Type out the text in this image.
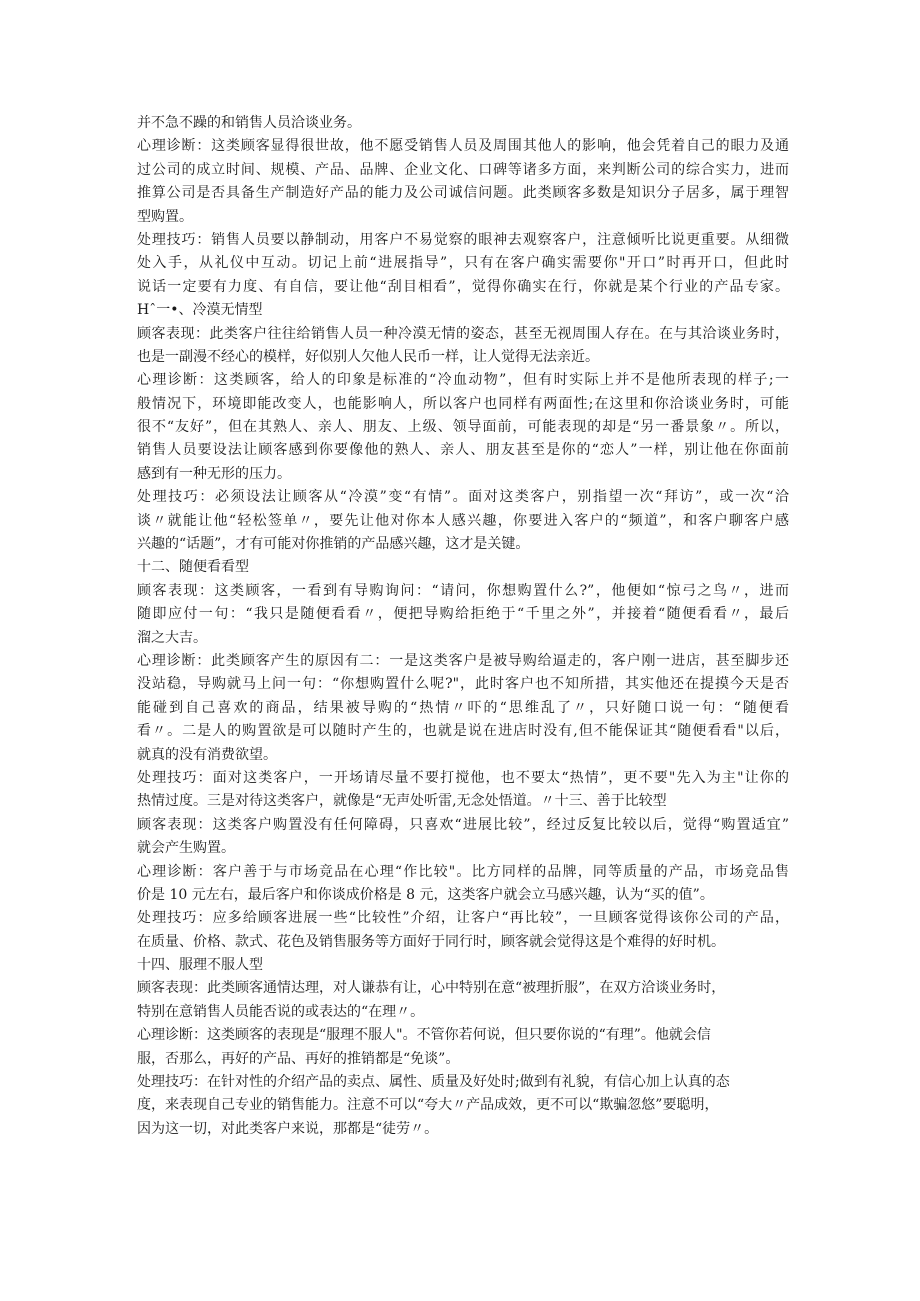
并不急不躁的和销售人员洽谈业务。
心理诊断：这类顾客显得很世故，他不愿受销售人员及周围其他人的影响，他会凭着自己的眼力及通
过公司的成立时间、规模、产品、品牌、企业文化、口碑等诸多方面，来判断公司的综合实力，进而
推算公司是否具备生产制造好产品的能力及公司诚信问题。此类顾客多数是知识分子居多，属于理智
型购置。
处理技巧：销售人员要以静制动，用客户不易觉察的眼神去观察客户，注意倾听比说更重要。从细微
处入手，从礼仪中互动。切记上前“进展指导”，只有在客户确实需要你"开口”时再开口，但此时
说话一定要有力度、有自信，要让他“刮目相看”，觉得你确实在行，你就是某个行业的产品专家。
Hˆ一•、冷漠无情型
顾客表现：此类客户往往给销售人员一种冷漠无情的姿态，甚至无视周围人存在。在与其洽谈业务时，
也是一副漫不经心的模样，好似别人欠他人民币一样，让人觉得无法亲近。
心理诊断：这类顾客，给人的印象是标准的“冷血动物”，但有时实际上并不是他所表现的样子;一
般情况下，环境即能改变人，也能影响人，所以客户也同样有两面性;在这里和你洽谈业务时，可能
很不“友好”，但在其熟人、亲人、朋友、上级、领导面前，可能表现的却是“另一番景象〃。所以，
销售人员要设法让顾客感到你要像他的熟人、亲人、朋友甚至是你的“恋人”一样，别让他在你面前
感到有一种无形的压力。
处理技巧：必须设法让顾客从“冷漠”变“有情”。面对这类客户，别指望一次“拜访”，或一次“洽
谈〃就能让他“轻松签单〃，要先让他对你本人感兴趣，你要进入客户的“频道”，和客户聊客户感
兴趣的“话题”，才有可能对你推销的产品感兴趣，这才是关键。
十二、随便看看型
顾客表现：这类顾客，一看到有导购询问：“请问，你想购置什么?”，他便如“惊弓之鸟〃，进而
随即应付一句：“我只是随便看看〃，便把导购给拒绝于“千里之外”，并接着“随便看看〃，最后
溜之大吉。
心理诊断：此类顾客产生的原因有二：一是这类客户是被导购给逼走的，客户刚一进店，甚至脚步还
没站稳，导购就马上问一句：“你想购置什么呢?"，此时客户也不知所措，其实他还在提摸今天是否
能碰到自己喜欢的商品，结果被导购的“热情〃吓的“思维乱了〃，只好随口说一句：“随便看
看〃。二是人的购置欲是可以随时产生的，也就是说在进店时没有,但不能保证其“随便看看"以后，
就真的没有消费欲望。
处理技巧：面对这类客户，一开场请尽量不要打搅他，也不要太“热情”，更不要"先入为主"让你的
热情过度。三是对待这类客户，就像是“无声处听雷,无念处悟道。〃十三、善于比较型
顾客表现：这类客户购置没有任何障碍，只喜欢“进展比较”，经过反复比较以后，觉得“购置适宜”
就会产生购置。
心理诊断：客户善于与市场竞品在心理“作比较"。比方同样的品牌，同等质量的产品，市场竞品售
价是 10 元左右，最后客户和你谈成价格是 8 元，这类客户就会立马感兴趣，认为“买的值”。
处理技巧：应多给顾客进展一些“比较性”介绍，让客户“再比较”，一旦顾客觉得该你公司的产品，
在质量、价格、款式、花色及销售服务等方面好于同行时，顾客就会觉得这是个难得的好时机。
十四、服理不服人型
顾客表现：此类顾客通情达理，对人谦恭有让，心中特别在意“被理折服”，在双方洽谈业务时，
特别在意销售人员能否说的或表达的“在理〃。
心理诊断：这类顾客的表现是“服理不服人"。不管你若何说，但只要你说的“有理”。他就会信
服，否那么，再好的产品、再好的推销都是“免谈”。
处理技巧：在针对性的介绍产品的卖点、属性、质量及好处时;做到有礼貌，有信心加上认真的态
度，来表现自己专业的销售能力。注意不可以“夸大〃产品成效，更不可以“欺骗忽悠”要聪明，
因为这一切，对此类客户来说，那都是“徒劳〃。
